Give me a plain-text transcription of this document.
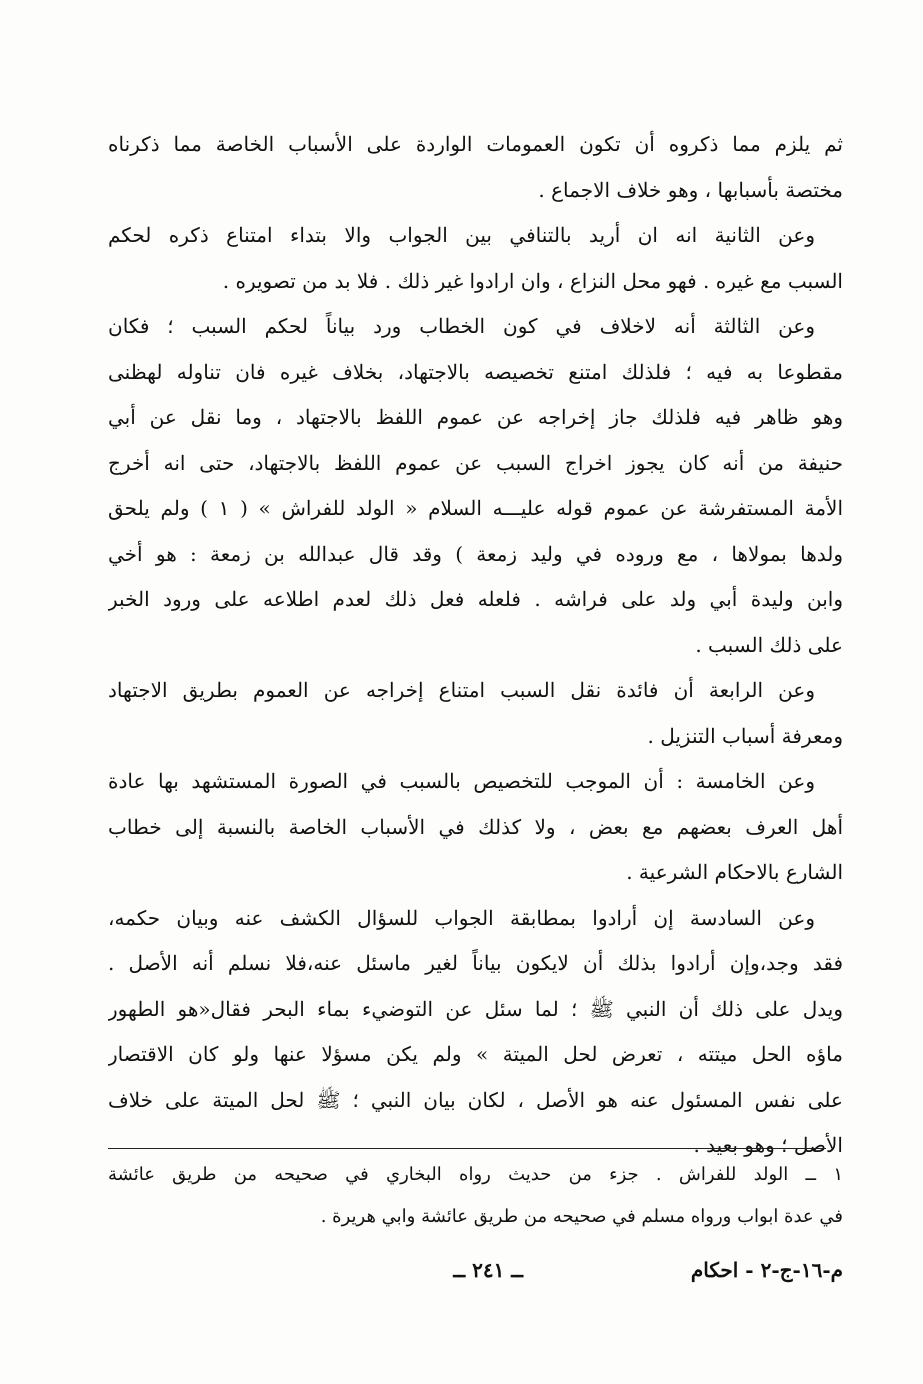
ثم يلزم مما ذكروه أن تكون العمومات الواردة على الأسباب الخاصة مما ذكرناه
مختصة بأسبابها ، وهو خلاف الاجماع .
وعن الثانية انه ان أريد بالتنافي بين الجواب والا بتداء امتناع ذكره لحكم
السبب مع غيره . فهو محل النزاع ، وان ارادوا غير ذلك . فلا بد من تصويره .
وعن الثالثة أنه لاخلاف في كون الخطاب ورد بياناً لحكم السبب ؛ فكان
مقطوعا به فيه ؛ فلذلك امتنع تخصيصه بالاجتهاد، بخلاف غيره فان تناوله لهظنى
وهو ظاهر فيه فلذلك جاز إخراجه عن عموم اللفظ بالاجتهاد ، وما نقل عن أبي
حنيفة من أنه كان يجوز اخراج السبب عن عموم اللفظ بالاجتهاد، حتى انه أخرج
الأمة المستفرشة عن عموم قوله عليـــه السلام « الولد للفراش » ( ١ ) ولم يلحق
ولدها بمولاها ، مع وروده في وليد زمعة ) وقد قال عبدالله بن زمعة : هو أخي
وابن وليدة أبي ولد على فراشه . فلعله فعل ذلك لعدم اطلاعه على ورود الخبر
على ذلك السبب .
وعن الرابعة أن فائدة نقل السبب امتناع إخراجه عن العموم بطريق الاجتهاد
ومعرفة أسباب التنزيل .
وعن الخامسة : أن الموجب للتخصيص بالسبب في الصورة المستشهد بها عادة
أهل العرف بعضهم مع بعض ، ولا كذلك في الأسباب الخاصة بالنسبة إلى خطاب
الشارع بالاحكام الشرعية .
وعن السادسة إن أرادوا بمطابقة الجواب للسؤال الكشف عنه وبيان حكمه،
فقد وجد،وإن أرادوا بذلك أن لايكون بياناً لغير ماسئل عنه،فلا نسلم أنه الأصل .
ويدل على ذلك أن النبي ﷺ ؛ لما سئل عن التوضيء بماء البحر فقال«هو الطهور
ماؤه الحل ميتته ، تعرض لحل الميتة » ولم يكن مسؤلا عنها ولو كان الاقتصار
على نفس المسئول عنه هو الأصل ، لكان بيان النبي ؛ ﷺ لحل الميتة على خلاف
الأصل ؛ وهو بعيد .
١ ــ الولد للفراش . جزء من حديث رواه البخاري في صحيحه من طريق عائشة
في عدة ابواب ورواه مسلم في صحيحه من طريق عائشة وابي هريرة .
م-١٦-ج-٢ - احكام
ــ ٢٤١ ــ
